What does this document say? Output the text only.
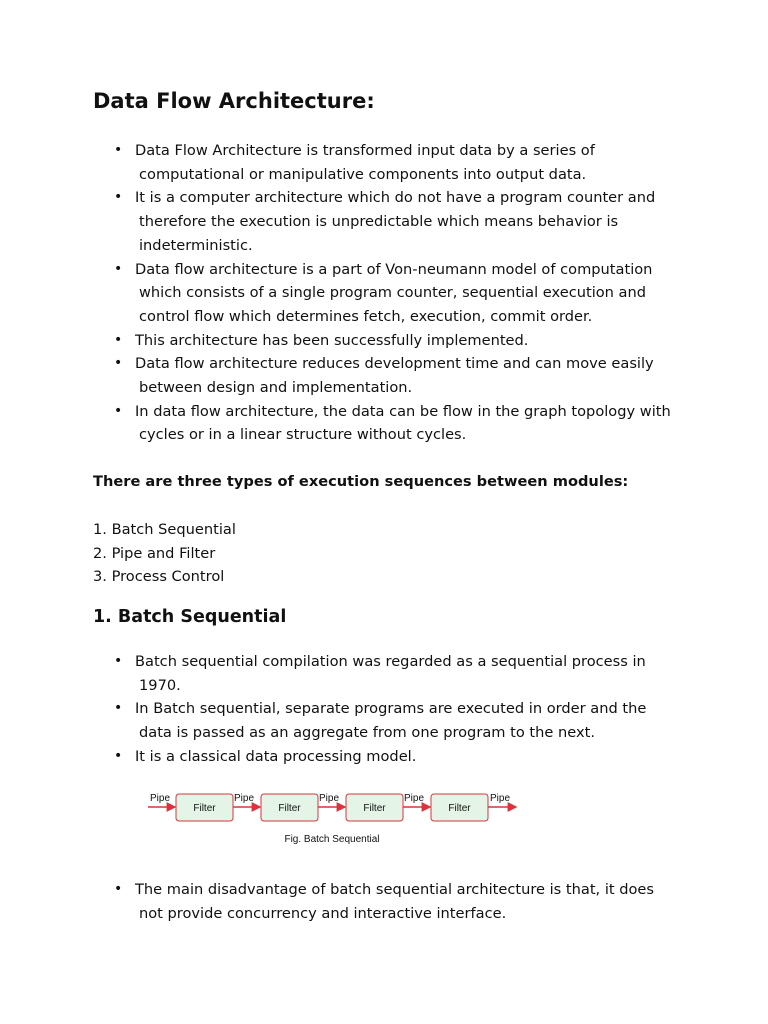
Data Flow Architecture:
• Data Flow Architecture is transformed input data by a series of computational or manipulative components into output data.
• It is a computer architecture which do not have a program counter and therefore the execution is unpredictable which means behavior is indeterministic.
• Data flow architecture is a part of Von-neumann model of computation which consists of a single program counter, sequential execution and control flow which determines fetch, execution, commit order.
• This architecture has been successfully implemented.
• Data flow architecture reduces development time and can move easily between design and implementation.
• In data flow architecture, the data can be flow in the graph topology with cycles or in a linear structure without cycles.

There are three types of execution sequences between modules:

1. Batch Sequential
2. Pipe and Filter
3. Process Control
1. Batch Sequential
• Batch sequential compilation was regarded as a sequential process in 1970.
• In Batch sequential, separate programs are executed in order and the data is passed as an aggregate from one program to the next.
• It is a classical data processing model.
Pipe	Pipe	Pipe	Pipe	Pipe
Filter	Filter	Filter	Filter
Fig. Batch Sequential
• The main disadvantage of batch sequential architecture is that, it does not provide concurrency and interactive interface.
